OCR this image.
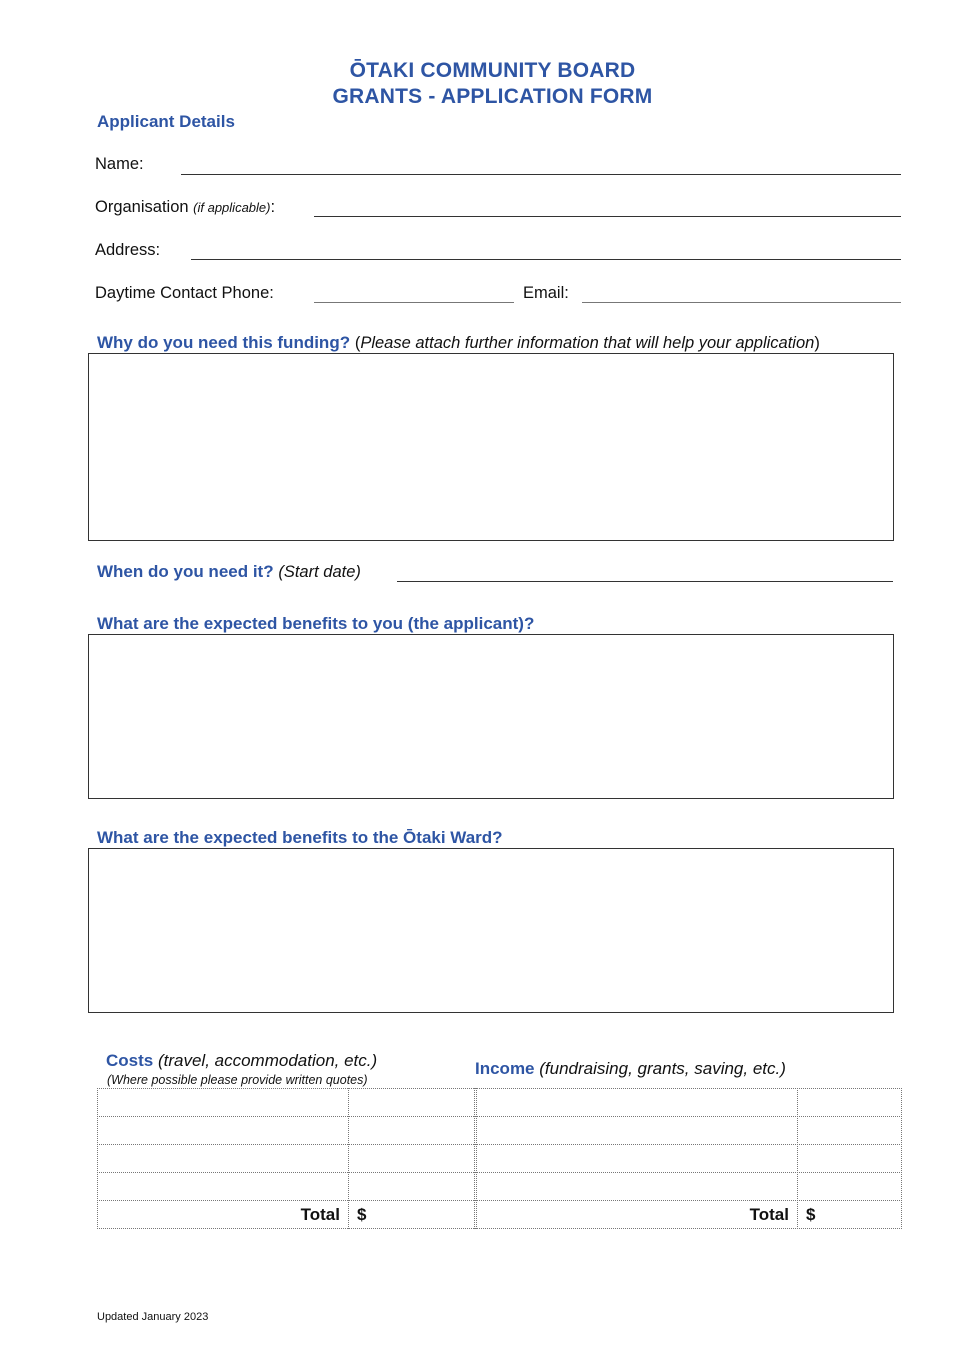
ŌTAKI COMMUNITY BOARD
GRANTS - APPLICATION FORM
Applicant Details
Name:
Organisation (if applicable):
Address:
Daytime Contact Phone:	Email:
Why do you need this funding? (Please attach further information that will help your application)
When do you need it? (Start date)
What are the expected benefits to you (the applicant)?
What are the expected benefits to the Ōtaki Ward?
Costs (travel, accommodation, etc.)
(Where possible please provide written quotes)
Income (fundraising, grants, saving, etc.)
Total $	Total $
Updated January 2023
